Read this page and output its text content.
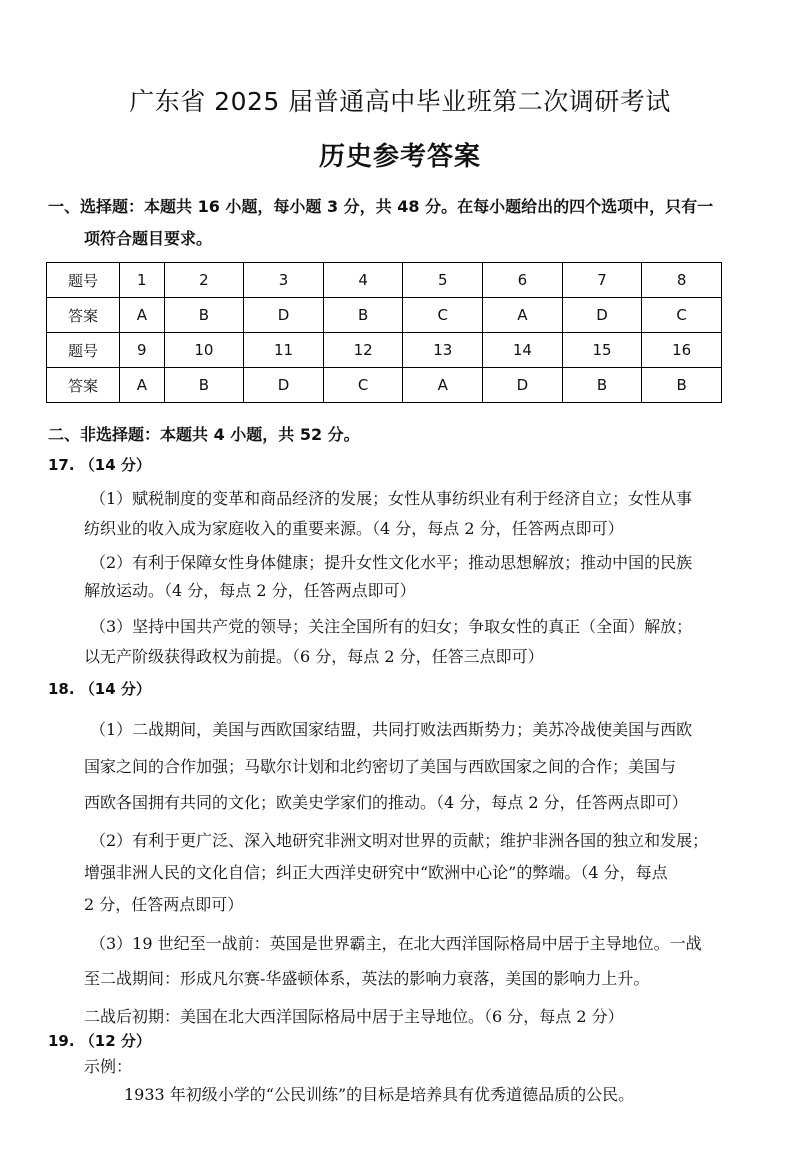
广东省 2025 届普通高中毕业班第二次调研考试
历史参考答案
一、选择题：本题共 16 小题，每小题 3 分，共 48 分。在每小题给出的四个选项中，只有一
项符合题目要求。
题号	1	2	3	4	5	6	7	8
答案	A	B	D	B	C	A	D	C
题号	9	10	11	12	13	14	15	16
答案	A	B	D	C	A	D	B	B
二、非选择题：本题共 4 小题，共 52 分。
17. （14 分）
（1）赋税制度的变革和商品经济的发展；女性从事纺织业有利于经济自立；女性从事
纺织业的收入成为家庭收入的重要来源。（4 分，每点 2 分，任答两点即可）
（2）有利于保障女性身体健康；提升女性文化水平；推动思想解放；推动中国的民族
解放运动。（4 分，每点 2 分，任答两点即可）
（3）坚持中国共产党的领导；关注全国所有的妇女；争取女性的真正（全面）解放；
以无产阶级获得政权为前提。（6 分，每点 2 分，任答三点即可）
18. （14 分）
（1）二战期间，美国与西欧国家结盟，共同打败法西斯势力；美苏冷战使美国与西欧
国家之间的合作加强；马歇尔计划和北约密切了美国与西欧国家之间的合作；美国与
西欧各国拥有共同的文化；欧美史学家们的推动。（4 分，每点 2 分，任答两点即可）
（2）有利于更广泛、深入地研究非洲文明对世界的贡献；维护非洲各国的独立和发展；
增强非洲人民的文化自信；纠正大西洋史研究中“欧洲中心论”的弊端。（4 分，每点
2 分，任答两点即可）
（3）19 世纪至一战前：英国是世界霸主，在北大西洋国际格局中居于主导地位。一战
至二战期间：形成凡尔赛-华盛顿体系，英法的影响力衰落，美国的影响力上升。
二战后初期：美国在北大西洋国际格局中居于主导地位。（6 分，每点 2 分）
19. （12 分）
示例：
1933 年初级小学的“公民训练”的目标是培养具有优秀道德品质的公民。
